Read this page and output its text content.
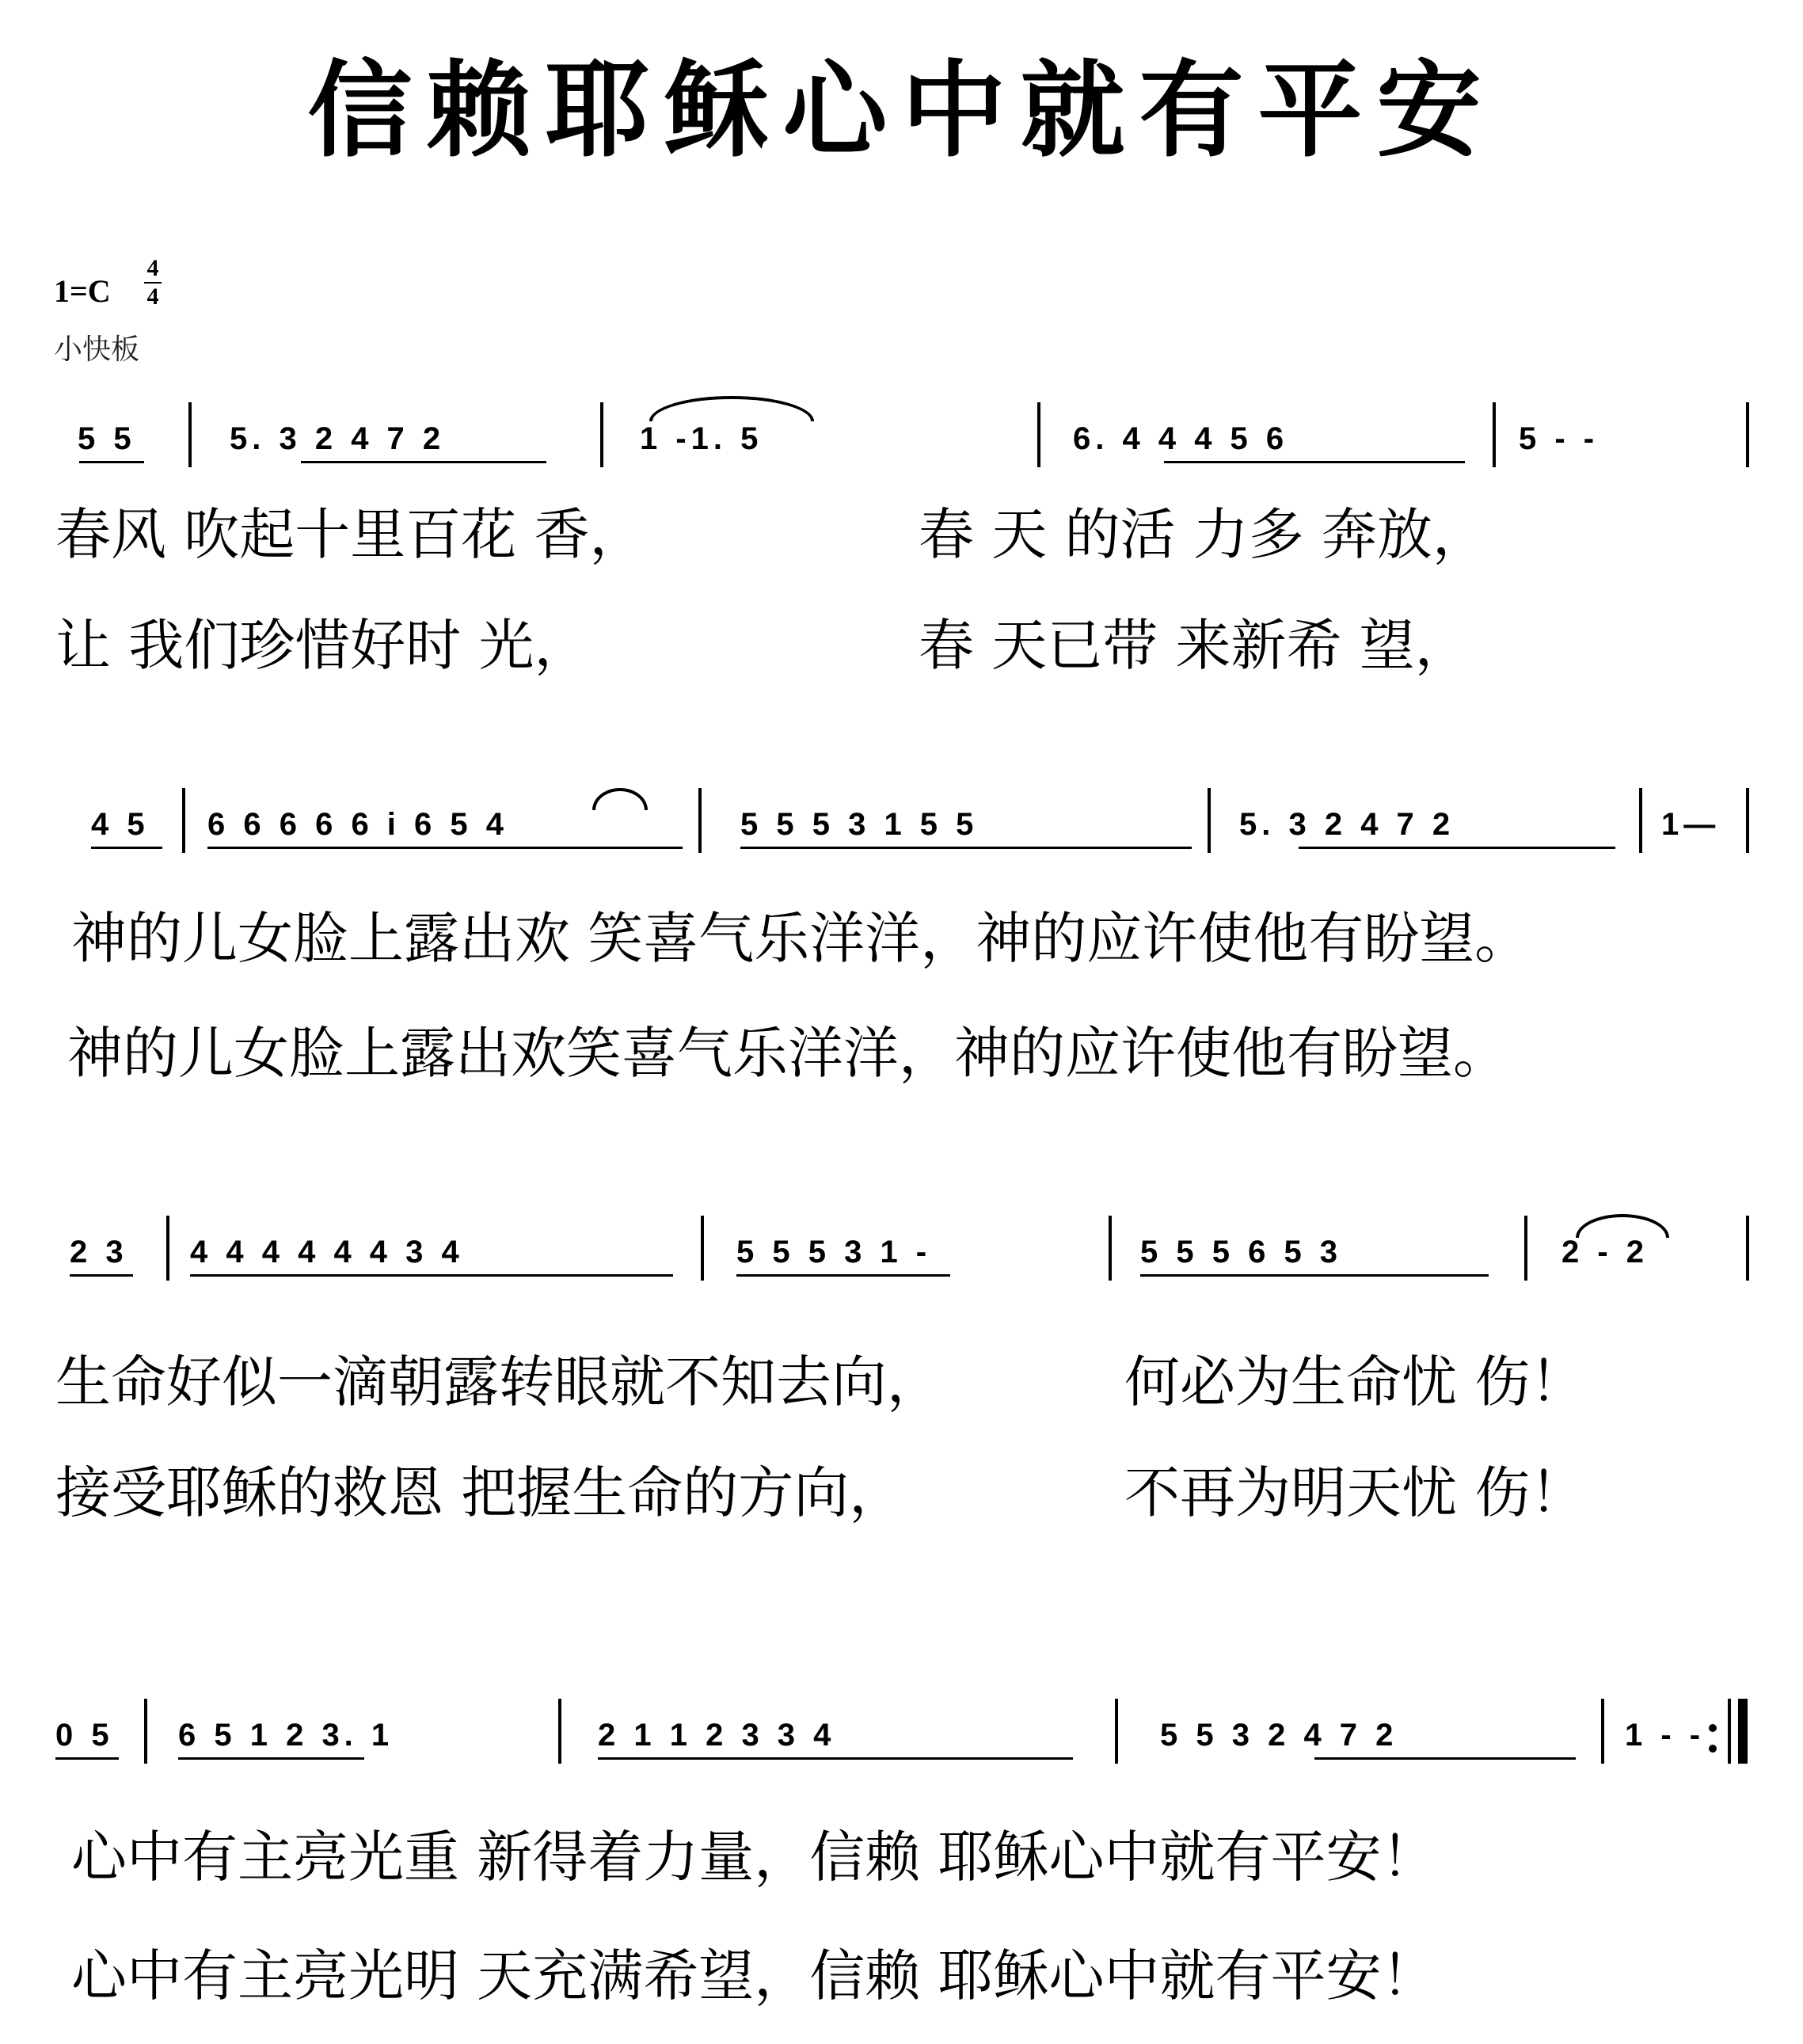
信赖耶稣心中就有平安
1=C
4
4
小快板
5 5	5. 3 2 4 7 2	1 -1. 5	6. 4 4 4 5 6	5 - -
春风 吹起十里百花 香，	春 天 的活 力多 奔放，
让 我们珍惜好时 光，	春 天已带 来新希 望，
4 5 6 6 6 6 6 i 6 5 4	5 5 5 3 1 5 5	5. 3 2 4 7 2	1—
神的儿女脸上露出欢 笑喜气乐洋洋，神的应许使他有盼望。
神的儿女脸上露出欢笑喜气乐洋洋，神的应许使他有盼望。
2 3 4 4 4 4 4 4 3 4	5 5 5 3 1 -	5 5 5 6 5 3	2 - 2
生命好似一滴朝露转眼就不知去向，	何必为生命忧 伤！
接受耶稣的救恩 把握生命的方向，	不再为明天忧 伤！
0 5 6 5 1 2 3. 1	2 1 1 2 3 3 4	5 5 3 2 4 7 2	1 - -
心中有主亮光重 新得着力量，信赖 耶稣心中就有平安！
心中有主亮光明 天充满希望，信赖 耶稣心中就有平安！
